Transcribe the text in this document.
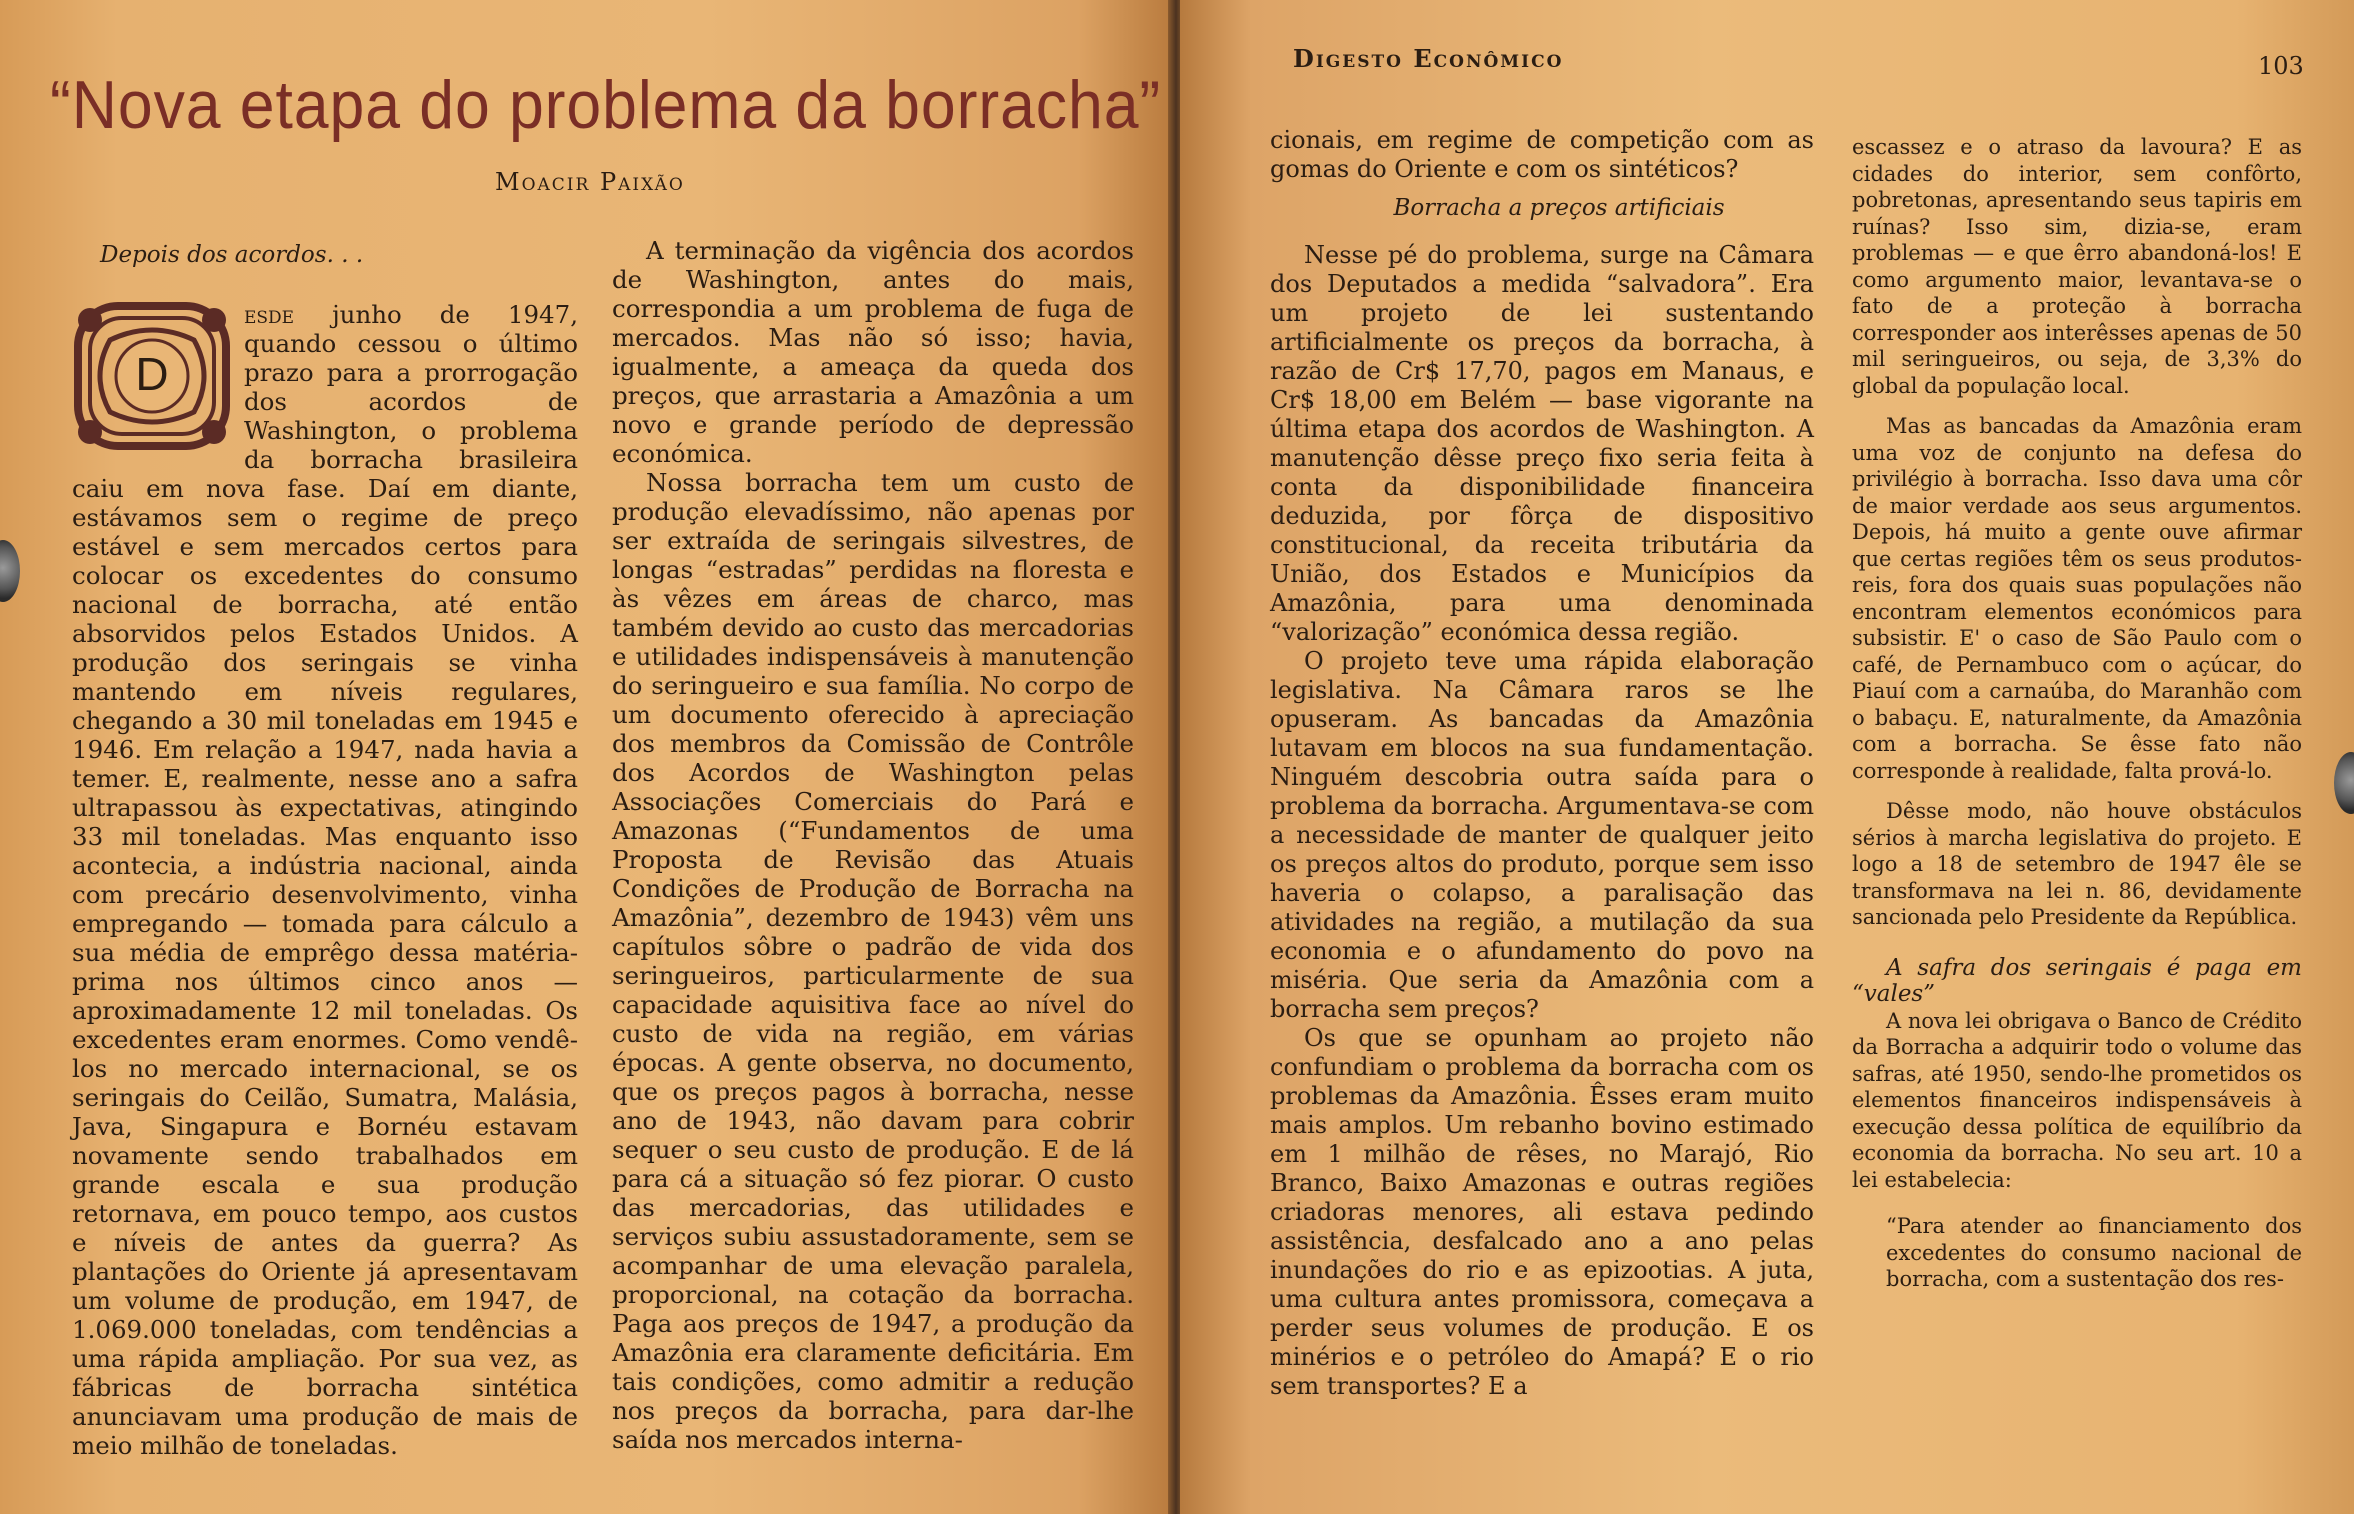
“Nova etapa do problema da borracha”
Moacir Paixão
Depois dos acordos. . .
D

esde junho de 1947, quando cessou o último prazo para a prorrogação dos acordos de Washington, o problema da borracha brasileira caiu em nova fase. Daí em diante, estávamos sem o regime de preço estável e sem mercados certos para colocar os excedentes do consumo nacional de borracha, até então absorvidos pelos Estados Unidos. A produção dos seringais se vinha mantendo em níveis regulares, chegando a 30 mil toneladas em 1945 e 1946. Em relação a 1947, nada havia a temer. E, realmente, nesse ano a safra ultrapassou às expectativas, atingindo 33 mil toneladas. Mas enquanto isso acontecia, a indústria nacional, ainda com precário desenvolvimento, vinha empregando — tomada para cálculo a sua média de emprêgo dessa matéria-prima nos últimos cinco anos — aproximadamente 12 mil toneladas. Os excedentes eram enormes. Como vendê-los no mercado internacional, se os seringais do Ceilão, Sumatra, Malásia, Java, Singapura e Bornéu estavam novamente sendo trabalhados em grande escala e sua produção retornava, em pouco tempo, aos custos e níveis de antes da guerra? As plantações do Oriente já apresentavam um volume de produção, em 1947, de 1.069.000 toneladas, com tendências a uma rápida ampliação. Por sua vez, as fábricas de borracha sintética anunciavam uma produção de mais de meio milhão de toneladas.

A terminação da vigência dos acordos de Washington, antes do mais, correspondia a um problema de fuga de mercados. Mas não só isso; havia, igualmente, a ameaça da queda dos preços, que arrastaria a Amazônia a um novo e grande período de depressão económica.

Nossa borracha tem um custo de produção elevadíssimo, não apenas por ser extraída de seringais silvestres, de longas “estradas” perdidas na floresta e às vêzes em áreas de charco, mas também devido ao custo das mercadorias e utilidades indispensáveis à manutenção do seringueiro e sua família. No corpo de um documento oferecido à apreciação dos membros da Comissão de Contrôle dos Acordos de Washington pelas Associações Comerciais do Pará e Amazonas (“Fundamentos de uma Proposta de Revisão das Atuais Condições de Produção de Borracha na Amazônia”, dezembro de 1943) vêm uns capítulos sôbre o padrão de vida dos seringueiros, particularmente de sua capacidade aquisitiva face ao nível do custo de vida na região, em várias épocas. A gente observa, no documento, que os preços pagos à borracha, nesse ano de 1943, não davam para cobrir sequer o seu custo de produção. E de lá para cá a situação só fez piorar. O custo das mercadorias, das utilidades e serviços subiu assustadoramente, sem se acompanhar de uma elevação paralela, proporcional, na cotação da borracha. Paga aos preços de 1947, a produção da Amazônia era claramente deficitária. Em tais condições, como admitir a redução nos preços da borracha, para dar-lhe saída nos mercados interna-

Digesto Econômico	103

cionais, em regime de competição com as gomas do Oriente e com os sintéticos?

Borracha a preços artificiais

Nesse pé do problema, surge na Câmara dos Deputados a medida “salvadora”. Era um projeto de lei sustentando artificialmente os preços da borracha, à razão de Cr$ 17,70, pagos em Manaus, e Cr$ 18,00 em Belém — base vigorante na última etapa dos acordos de Washington. A manutenção dêsse preço fixo seria feita à conta da disponibilidade financeira deduzida, por fôrça de dispositivo constitucional, da receita tributária da União, dos Estados e Municípios da Amazônia, para uma denominada “valorização” económica dessa região.

O projeto teve uma rápida elaboração legislativa. Na Câmara raros se lhe opuseram. As bancadas da Amazônia lutavam em blocos na sua fundamentação. Ninguém descobria outra saída para o problema da borracha. Argumentava-se com a necessidade de manter de qualquer jeito os preços altos do produto, porque sem isso haveria o colapso, a paralisação das atividades na região, a mutilação da sua economia e o afundamento do povo na miséria. Que seria da Amazônia com a borracha sem preços?

Os que se opunham ao projeto não confundiam o problema da borracha com os problemas da Amazônia. Êsses eram muito mais amplos. Um rebanho bovino estimado em 1 milhão de rêses, no Marajó, Rio Branco, Baixo Amazonas e outras regiões criadoras menores, ali estava pedindo assistência, desfalcado ano a ano pelas inundações do rio e as epizootias. A juta, uma cultura antes promissora, começava a perder seus volumes de produção. E os minérios e o petróleo do Amapá? E o rio sem transportes? E a

escassez e o atraso da lavoura? E as cidades do interior, sem confôrto, pobretonas, apresentando seus tapiris em ruínas? Isso sim, dizia-se, eram problemas — e que êrro abandoná-los! E como argumento maior, levantava-se o fato de a proteção à borracha corresponder aos interêsses apenas de 50 mil seringueiros, ou seja, de 3,3% do global da população local.

Mas as bancadas da Amazônia eram uma voz de conjunto na defesa do privilégio à borracha. Isso dava uma côr de maior verdade aos seus argumentos. Depois, há muito a gente ouve afirmar que certas regiões têm os seus produtos-reis, fora dos quais suas populações não encontram elementos económicos para subsistir. E' o caso de São Paulo com o café, de Pernambuco com o açúcar, do Piauí com a carnaúba, do Maranhão com o babaçu. E, naturalmente, da Amazônia com a borracha. Se êsse fato não corresponde à realidade, falta prová-lo.

Dêsse modo, não houve obstáculos sérios à marcha legislativa do projeto. E logo a 18 de setembro de 1947 êle se transformava na lei n. 86, devidamente sancionada pelo Presidente da República.

A safra dos seringais é paga em “vales”

A nova lei obrigava o Banco de Crédito da Borracha a adquirir todo o volume das safras, até 1950, sendo-lhe prometidos os elementos financeiros indispensáveis à execução dessa política de equilíbrio da economia da borracha. No seu art. 10 a lei estabelecia:

“Para atender ao financiamento dos excedentes do consumo nacional de borracha, com a sustentação dos res-
